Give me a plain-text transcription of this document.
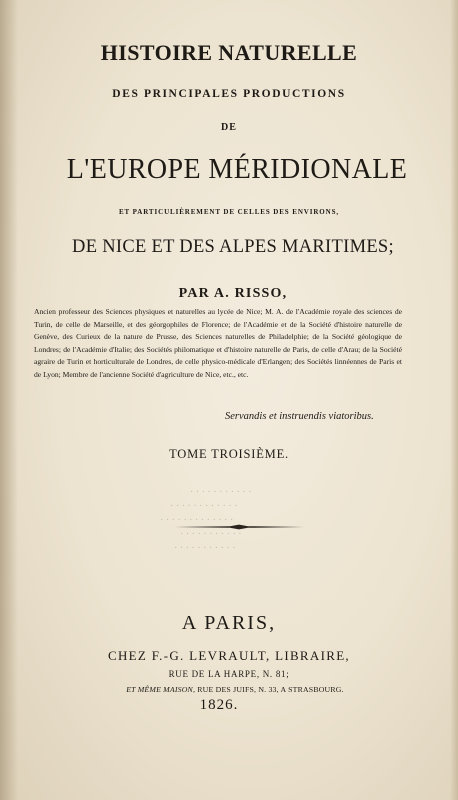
HISTOIRE NATURELLE
DES PRINCIPALES PRODUCTIONS
DE
L'EUROPE MÉRIDIONALE
ET PARTICULIÈREMENT DE CELLES DES ENVIRONS,
DE NICE ET DES ALPES MARITIMES;
PAR A. RISSO,

Ancien professeur des Sciences physiques et naturelles au lycée de Nice; M. A. de l'Académie royale des sciences de Turin, de celle de Marseille, et des géorgophiles de Florence; de l'Académie et de la Société d'histoire naturelle de Genève, des Curieux de la nature de Prusse, des Sciences naturelles de Philadelphie; de la Société géologique de Londres; de l'Académie d'Italie; des Sociétés philomatique et d'histoire naturelle de Paris, de celle d'Arau; de la Société agraire de Turin et horticulturale de Londres, de celle physico-médicale d'Erlangen; des Sociétés linnéennes de Paris et de Lyon; Membre de l'ancienne Société d'agriculture de Nice, etc., etc.

Servandis et instruendis viatoribus.
TOME TROISIÈME.
· · · · · · · · · · ·
· · · · · · · · · · · ·
· · · · · · · · · · · · ·
· · · · · · · · · · ·
· · · · · · · · · · ·
A PARIS,
CHEZ F.-G. LEVRAULT, LIBRAIRE,
RUE DE LA HARPE, N. 81;
ET MÊME MAISON, RUE DES JUIFS, N. 33, A STRASBOURG.
1826.
